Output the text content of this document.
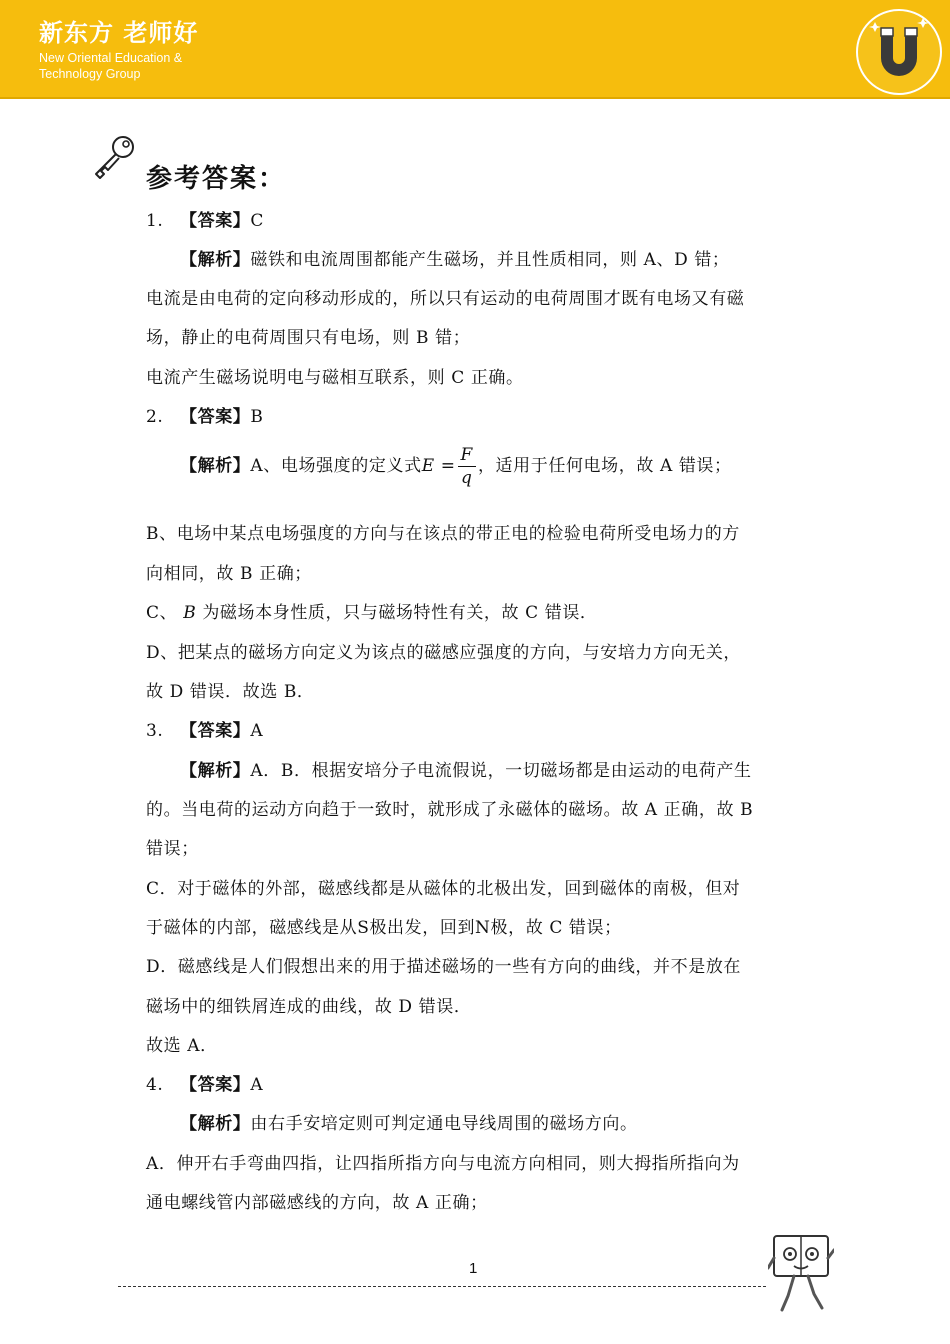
新东方 老师好
New Oriental Education & Technology Group
参考答案：
1. 【答案】C
【解析】磁铁和电流周围都能产生磁场，并且性质相同，则 A、D 错；
电流是由电荷的定向移动形成的，所以只有运动的电荷周围才既有电场又有磁
场，静止的电荷周围只有电场，则 B 错；
电流产生磁场说明电与磁相互联系，则 C 正确。
2. 【答案】B
【解析】A、电场强度的定义式$E = \frac{F}{q}$ ，适用于任何电场，故 A 错误；
B、电场中某点电场强度的方向与在该点的带正电的检验电荷所受电场力的方
向相同，故 B 正确；
C、 B 为磁场本身性质，只与磁场特性有关，故 C 错误．
D、把某点的磁场方向定义为该点的磁感应强度的方向，与安培力方向无关，
故 D 错误．故选 B．
3. 【答案】A
【解析】A．B．根据安培分子电流假说，一切磁场都是由运动的电荷产生
的。当电荷的运动方向趋于一致时，就形成了永磁体的磁场。故 A 正确，故 B
错误；
C．对于磁体的外部，磁感线都是从磁体的北极出发，回到磁体的南极，但对
于磁体的内部，磁感线是从S极出发，回到N极，故 C 错误；
D．磁感线是人们假想出来的用于描述磁场的一些有方向的曲线，并不是放在
磁场中的细铁屑连成的曲线，故 D 错误．
故选 A．
4. 【答案】A
【解析】由右手安培定则可判定通电导线周围的磁场方向。
A．伸开右手弯曲四指，让四指所指方向与电流方向相同，则大拇指所指向为
通电螺线管内部磁感线的方向，故 A 正确；
1
